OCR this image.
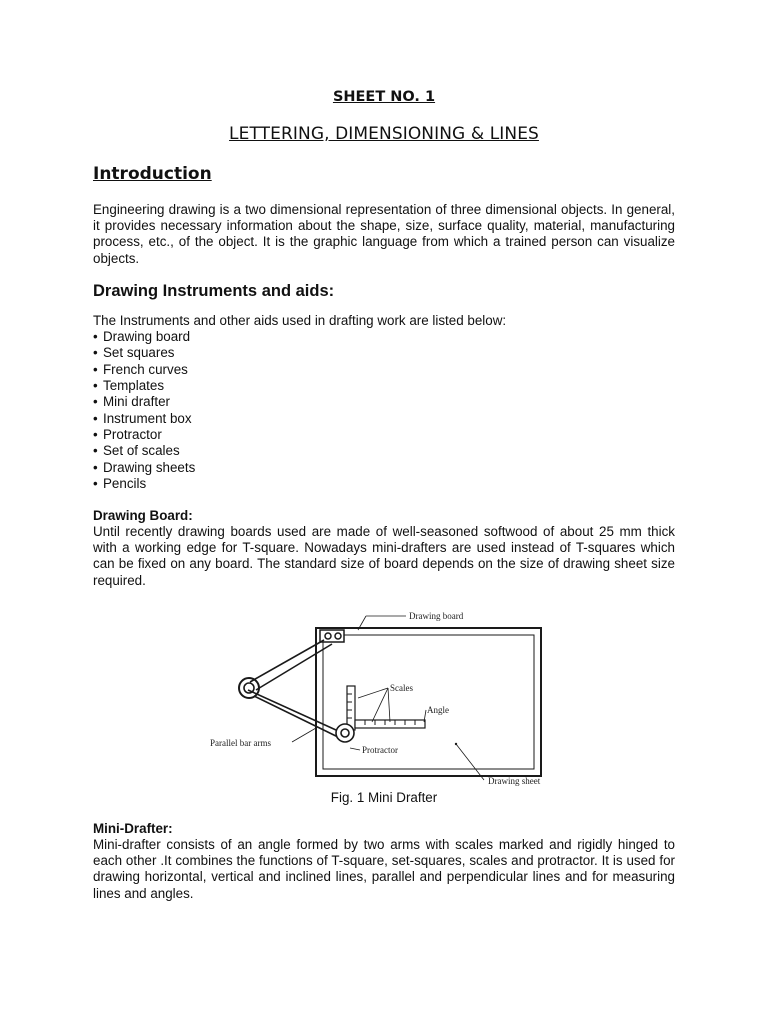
SHEET NO. 1
LETTERING, DIMENSIONING & LINES
Introduction
Engineering drawing is a two dimensional representation of three dimensional objects. In general, it provides necessary information about the shape, size, surface quality, material, manufacturing process, etc., of the object. It is the graphic language from which a trained person can visualize objects.
Drawing Instruments and aids:
The Instruments and other aids used in drafting work are listed below:
• Drawing board
• Set squares
• French curves
• Templates
• Mini drafter
• Instrument box
• Protractor
• Set of scales
• Drawing sheets
• Pencils
Drawing Board:
Until recently drawing boards used are made of well-seasoned softwood of about 25 mm thick with a working edge for T-square. Nowadays mini-drafters are used instead of T-squares which can be fixed on any board. The standard size of board depends on the size of drawing sheet size required.
Drawing board
Scales
Angle
Parallel bar arms
Protractor
Drawing sheet
Fig. 1 Mini Drafter
Mini-Drafter:
Mini-drafter consists of an angle formed by two arms with scales marked and rigidly hinged to each other .It combines the functions of T-square, set-squares, scales and protractor. It is used for drawing horizontal, vertical and inclined lines, parallel and perpendicular lines and for measuring lines and angles.
